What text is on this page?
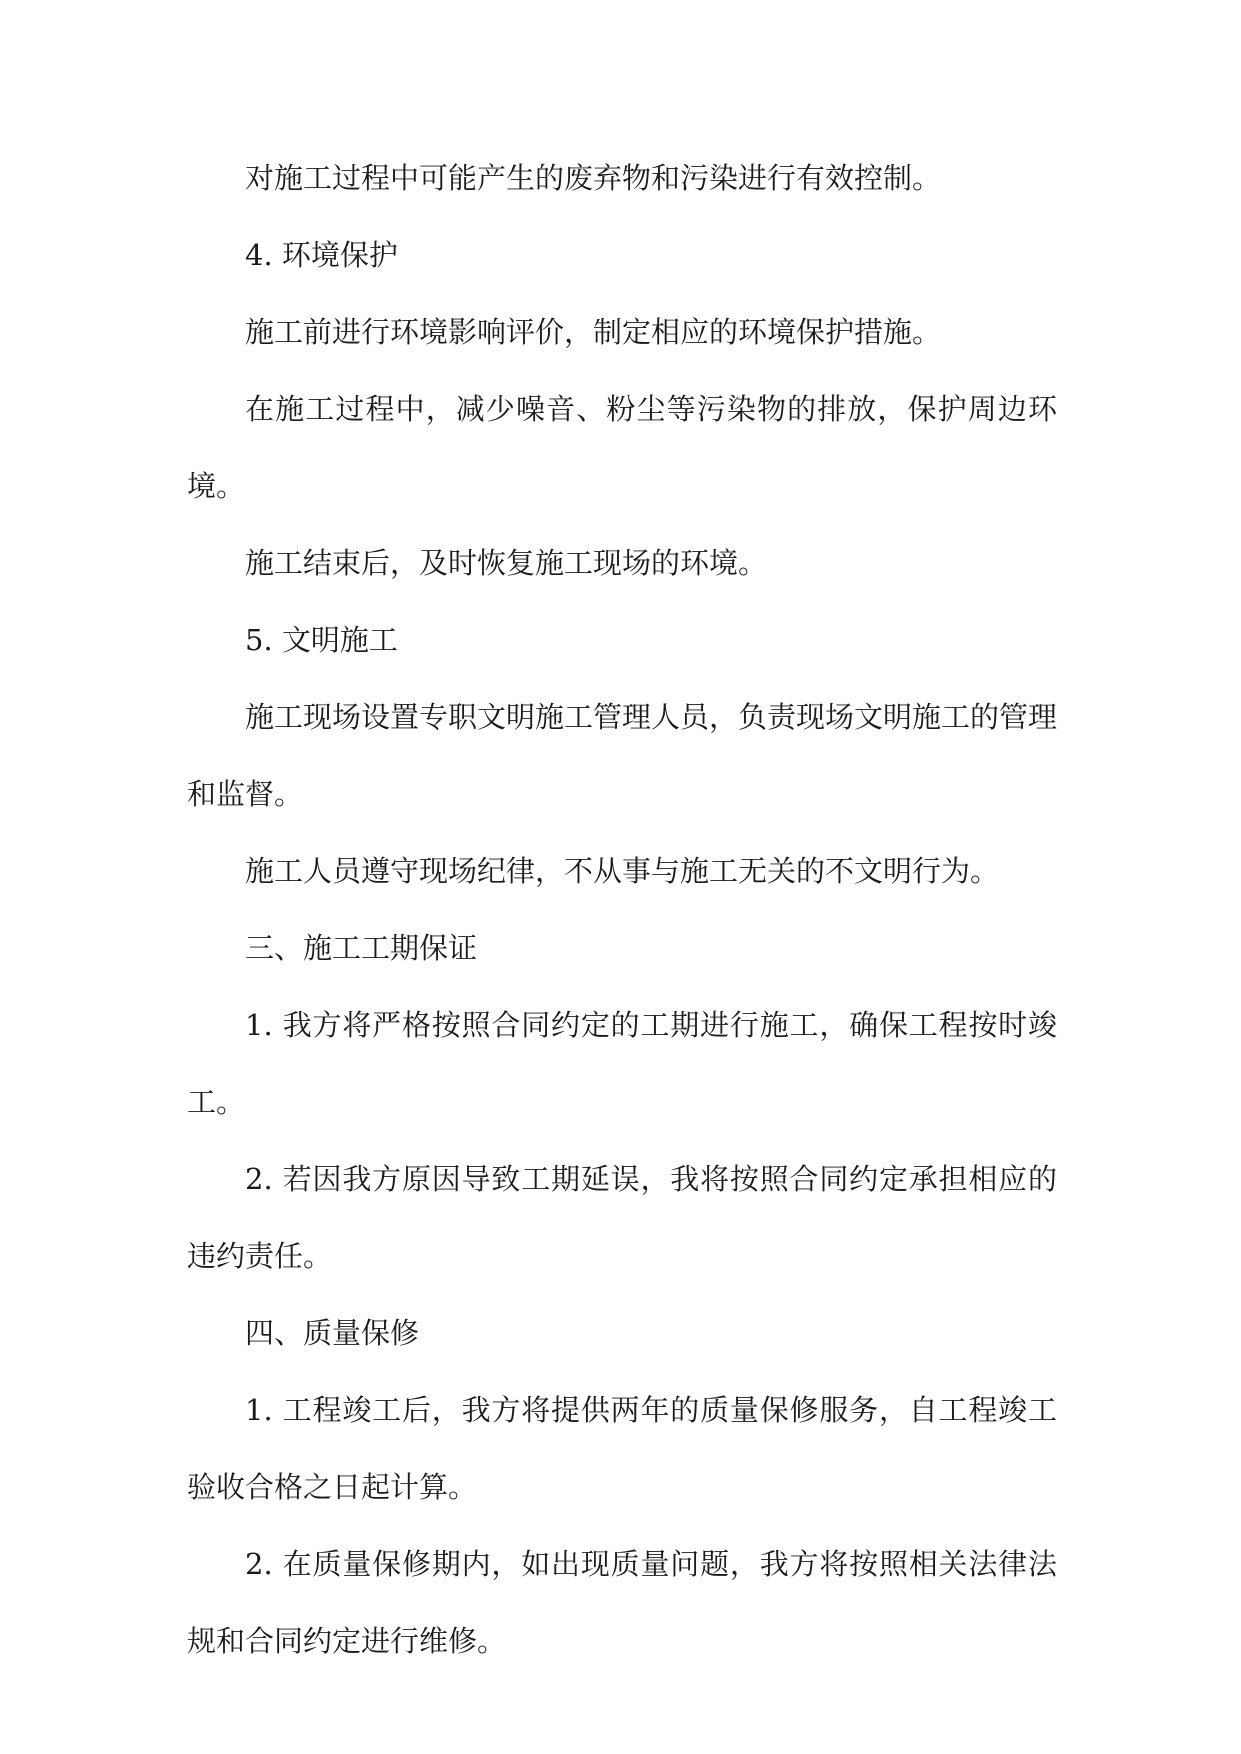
对施工过程中可能产生的废弃物和污染进行有效控制。

4. 环境保护

施工前进行环境影响评价，制定相应的环境保护措施。

在施工过程中，减少噪音、粉尘等污染物的排放，保护周边环境。

施工结束后，及时恢复施工现场的环境。

5. 文明施工

施工现场设置专职文明施工管理人员，负责现场文明施工的管理和监督。

施工人员遵守现场纪律，不从事与施工无关的不文明行为。

三、施工工期保证

1. 我方将严格按照合同约定的工期进行施工，确保工程按时竣工。

2. 若因我方原因导致工期延误，我将按照合同约定承担相应的违约责任。

四、质量保修

1. 工程竣工后，我方将提供两年的质量保修服务，自工程竣工验收合格之日起计算。

2. 在质量保修期内，如出现质量问题，我方将按照相关法律法规和合同约定进行维修。
